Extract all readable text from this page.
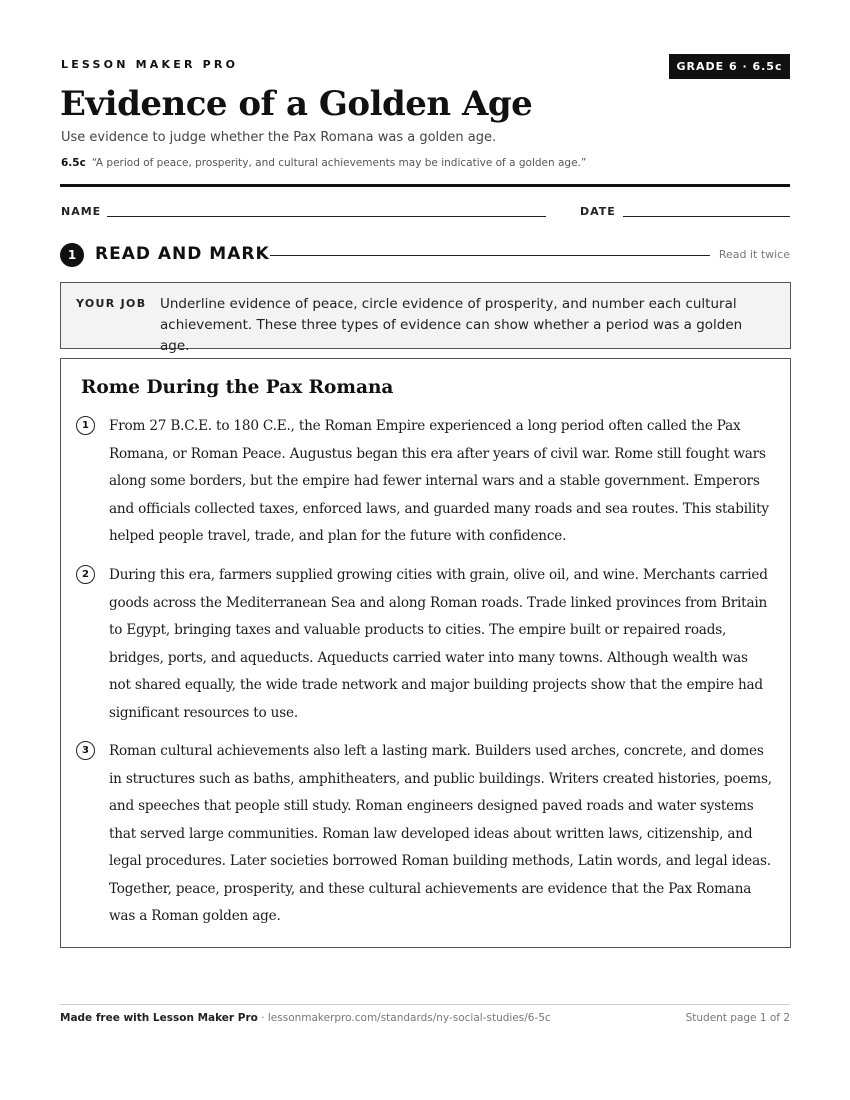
LESSON MAKER PRO	GRADE 6 · 6.5c
Evidence of a Golden Age
Use evidence to judge whether the Pax Romana was a golden age.
6.5c “A period of peace, prosperity, and cultural achievements may be indicative of a golden age.”
NAME	DATE
1	READ AND MARK	Read it twice
YOUR JOB Underline evidence of peace, circle evidence of prosperity, and number each cultural achievement. These three types of evidence can show whether a period was a golden age.
Rome During the Pax Romana
1	From 27 B.C.E. to 180 C.E., the Roman Empire experienced a long period often called the Pax Romana, or Roman Peace. Augustus began this era after years of civil war. Rome still fought wars along some borders, but the empire had fewer internal wars and a stable government. Emperors and officials collected taxes, enforced laws, and guarded many roads and sea routes. This stability helped people travel, trade, and plan for the future with confidence.
2	During this era, farmers supplied growing cities with grain, olive oil, and wine. Merchants carried goods across the Mediterranean Sea and along Roman roads. Trade linked provinces from Britain to Egypt, bringing taxes and valuable products to cities. The empire built or repaired roads, bridges, ports, and aqueducts. Aqueducts carried water into many towns. Although wealth was not shared equally, the wide trade network and major building projects show that the empire had significant resources to use.
3	Roman cultural achievements also left a lasting mark. Builders used arches, concrete, and domes in structures such as baths, amphitheaters, and public buildings. Writers created histories, poems, and speeches that people still study. Roman engineers designed paved roads and water systems that served large communities. Roman law developed ideas about written laws, citizenship, and legal procedures. Later societies borrowed Roman building methods, Latin words, and legal ideas. Together, peace, prosperity, and these cultural achievements are evidence that the Pax Romana was a Roman golden age.
Made free with Lesson Maker Pro · lessonmakerpro.com/standards/ny-social-studies/6-5c	Student page 1 of 2
